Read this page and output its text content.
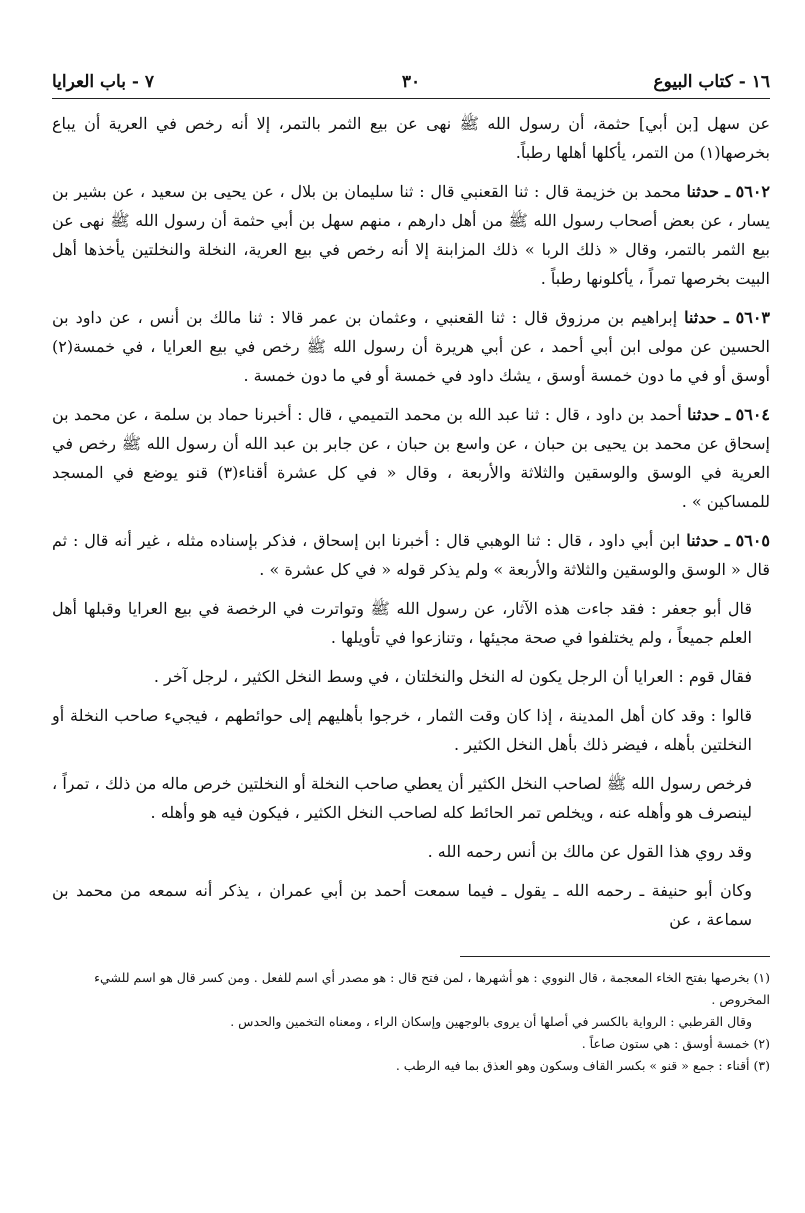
١٦ - كتاب البيوع
٣٠
٧ - باب العرايا

عن سهل [بن أبي] حثمة، أن رسول الله ﷺ نهى عن بيع الثمر بالتمر، إلا أنه رخص في العرية أن يباع بخرصها(١) من التمر، يأكلها أهلها رطباً.

٥٦٠٢ ـ حدثنا محمد بن خزيمة قال : ثنا القعنبي قال : ثنا سليمان بن بلال ، عن يحيى بن سعيد ، عن بشير بن يسار ، عن بعض أصحاب رسول الله ﷺ من أهل دارهم ، منهم سهل بن أبي حثمة أن رسول الله ﷺ نهى عن بيع الثمر بالتمر، وقال « ذلك الربا » ذلك المزابنة إلا أنه رخص في بيع العرية، النخلة والنخلتين يأخذها أهل البيت بخرصها تمراً ، يأكلونها رطباً .

٥٦٠٣ ـ حدثنا إبراهيم بن مرزوق قال : ثنا القعنبي ، وعثمان بن عمر قالا : ثنا مالك بن أنس ، عن داود بن الحسين عن مولى ابن أبي أحمد ، عن أبي هريرة أن رسول الله ﷺ رخص في بيع العرايا ، في خمسة(٢) أوسق أو في ما دون خمسة أوسق ، يشك داود في خمسة أو في ما دون خمسة .

٥٦٠٤ ـ حدثنا أحمد بن داود ، قال : ثنا عبد الله بن محمد التميمي ، قال : أخبرنا حماد بن سلمة ، عن محمد بن إسحاق عن محمد بن يحيى بن حبان ، عن واسع بن حبان ، عن جابر بن عبد الله أن رسول الله ﷺ رخص في العرية في الوسق والوسقين والثلاثة والأربعة ، وقال « في كل عشرة أقناء(٣) قنو يوضع في المسجد للمساكين » .

٥٦٠٥ ـ حدثنا ابن أبي داود ، قال : ثنا الوهبي قال : أخبرنا ابن إسحاق ، فذكر بإسناده مثله ، غير أنه قال : ثم قال « الوسق والوسقين والثلاثة والأربعة » ولم يذكر قوله « في كل عشرة » .

قال أبو جعفر : فقد جاءت هذه الآثار، عن رسول الله ﷺ وتواترت في الرخصة في بيع العرايا وقبلها أهل العلم جميعاً ، ولم يختلفوا في صحة مجيئها ، وتنازعوا في تأويلها .

فقال قوم : العرايا أن الرجل يكون له النخل والنخلتان ، في وسط النخل الكثير ، لرجل آخر .

قالوا : وقد كان أهل المدينة ، إذا كان وقت الثمار ، خرجوا بأهليهم إلى حوائطهم ، فيجيء صاحب النخلة أو النخلتين بأهله ، فيضر ذلك بأهل النخل الكثير .

فرخص رسول الله ﷺ لصاحب النخل الكثير أن يعطي صاحب النخلة أو النخلتين خرص ماله من ذلك ، تمراً ، لينصرف هو وأهله عنه ، ويخلص تمر الحائط كله لصاحب النخل الكثير ، فيكون فيه هو وأهله .

وقد روي هذا القول عن مالك بن أنس رحمه الله .

وكان أبو حنيفة ـ رحمه الله ـ يقول ـ فيما سمعت أحمد بن أبي عمران ، يذكر أنه سمعه من محمد بن سماعة ، عن

(١) بخرصها بفتح الخاء المعجمة ، قال النووي : هو أشهرها ، لمن فتح قال : هو مصدر أي اسم للفعل . ومن كسر قال هو اسم للشيء المخروص .

وقال القرطبي : الرواية بالكسر في أصلها أن يروى بالوجهين وإسكان الراء ، ومعناه التخمين والحدس .

(٢) خمسة أوسق : هي ستون صاعاً .

(٣) أقناء : جمع « قنو » بكسر القاف وسكون وهو العذق بما فيه الرطب .
